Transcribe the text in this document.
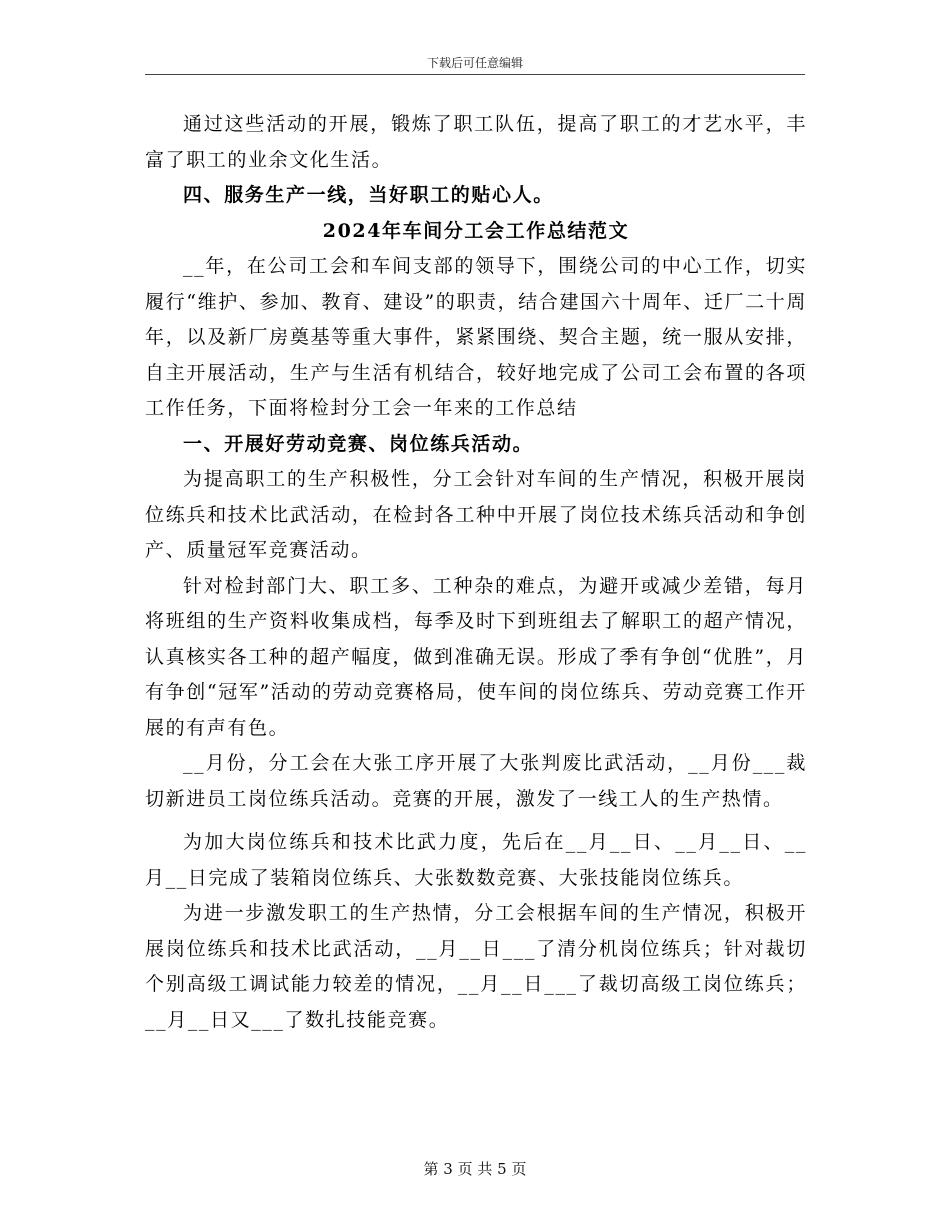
下载后可任意编辑

通过这些活动的开展，锻炼了职工队伍，提高了职工的才艺水平，丰富了职工的业余文化生活。

四、服务生产一线，当好职工的贴心人。

2024年车间分工会工作总结范文

__年，在公司工会和车间支部的领导下，围绕公司的中心工作，切实履行“维护、参加、教育、建设”的职责，结合建国六十周年、迁厂二十周年，以及新厂房奠基等重大事件，紧紧围绕、契合主题，统一服从安排，自主开展活动，生产与生活有机结合，较好地完成了公司工会布置的各项工作任务，下面将检封分工会一年来的工作总结

一、开展好劳动竞赛、岗位练兵活动。

为提高职工的生产积极性，分工会针对车间的生产情况，积极开展岗位练兵和技术比武活动，在检封各工种中开展了岗位技术练兵活动和争创产、质量冠军竞赛活动。

针对检封部门大、职工多、工种杂的难点，为避开或减少差错，每月将班组的生产资料收集成档，每季及时下到班组去了解职工的超产情况，认真核实各工种的超产幅度，做到准确无误。形成了季有争创“优胜”，月有争创“冠军”活动的劳动竞赛格局，使车间的岗位练兵、劳动竞赛工作开展的有声有色。

__月份，分工会在大张工序开展了大张判废比武活动，__月份___裁切新进员工岗位练兵活动。竞赛的开展，激发了一线工人的生产热情。

为加大岗位练兵和技术比武力度，先后在__月__日、__月__日、__月__日完成了装箱岗位练兵、大张数数竞赛、大张技能岗位练兵。

为进一步激发职工的生产热情，分工会根据车间的生产情况，积极开展岗位练兵和技术比武活动，__月__日___了清分机岗位练兵；针对裁切个别高级工调试能力较差的情况，__月__日___了裁切高级工岗位练兵；__月__日又___了数扎技能竞赛。

第 3 页 共 5 页
